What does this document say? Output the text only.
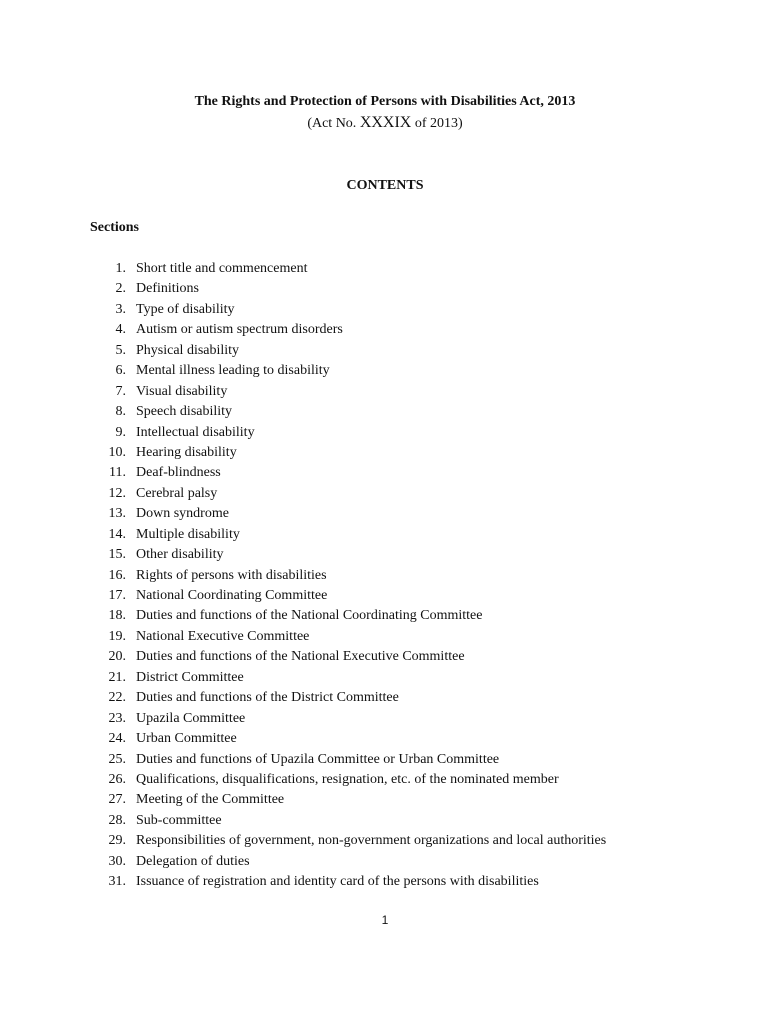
The Rights and Protection of Persons with Disabilities Act, 2013
(Act No. XXXIX of 2013)
CONTENTS
Sections
1. Short title and commencement
2. Definitions
3. Type of disability
4. Autism or autism spectrum disorders
5. Physical disability
6. Mental illness leading to disability
7. Visual disability
8. Speech disability
9. Intellectual disability
10. Hearing disability
11. Deaf-blindness
12. Cerebral palsy
13. Down syndrome
14. Multiple disability
15. Other disability
16. Rights of persons with disabilities
17. National Coordinating Committee
18. Duties and functions of the National Coordinating Committee
19. National Executive Committee
20. Duties and functions of the National Executive Committee
21. District Committee
22. Duties and functions of the District Committee
23. Upazila Committee
24. Urban Committee
25. Duties and functions of Upazila Committee or Urban Committee
26. Qualifications, disqualifications, resignation, etc. of the nominated member
27. Meeting of the Committee
28. Sub-committee
29. Responsibilities of government, non-government organizations and local authorities
30. Delegation of duties
31. Issuance of registration and identity card of the persons with disabilities
1
